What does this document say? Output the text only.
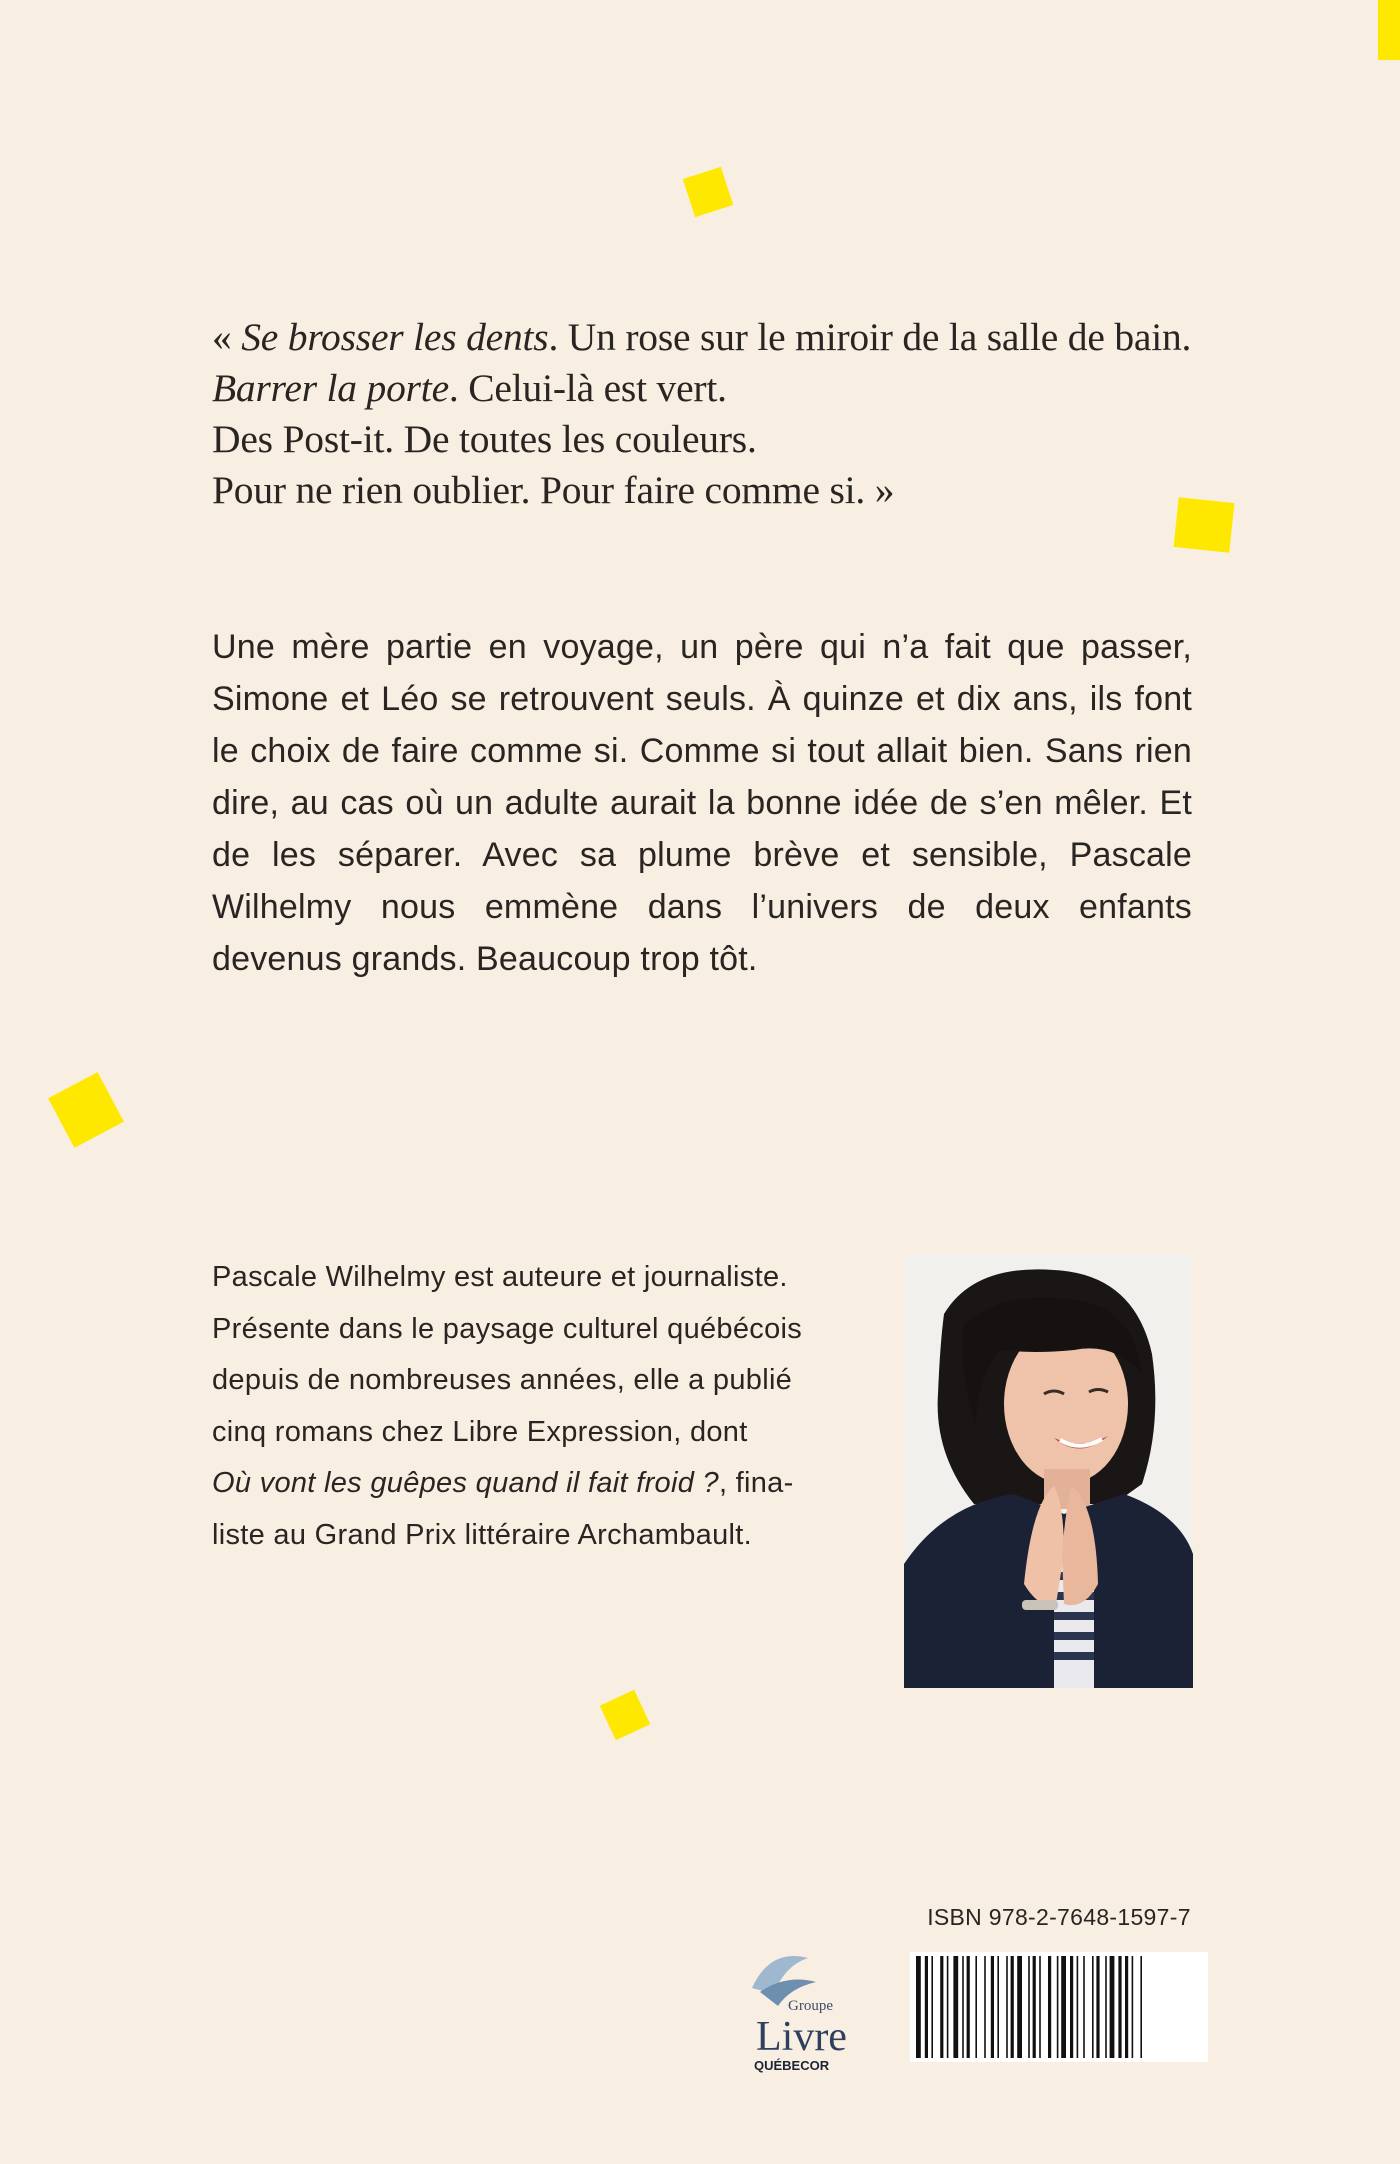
« Se brosser les dents. Un rose sur le miroir de la salle de bain.
Barrer la porte. Celui-là est vert.
Des Post-it. De toutes les couleurs.
Pour ne rien oublier. Pour faire comme si. »
Une mère partie en voyage, un père qui n’a fait que passer, Simone et Léo se retrouvent seuls. À quinze et dix ans, ils font le choix de faire comme si. Comme si tout allait bien. Sans rien dire, au cas où un adulte aurait la bonne idée de s’en mêler. Et de les séparer. Avec sa plume brève et sensible, Pascale Wilhelmy nous emmène dans l’univers de deux enfants devenus grands. Beaucoup trop tôt.
Pascale Wilhelmy est auteure et journaliste.
Présente dans le paysage culturel québécois
depuis de nombreuses années, elle a publié
cinq romans chez Libre Expression, dont
Où vont les guêpes quand il fait froid ?, fina-
liste au Grand Prix littéraire Archambault.
Groupe
Livre
QUÉBECOR
ISBN 978-2-7648-1597-7
